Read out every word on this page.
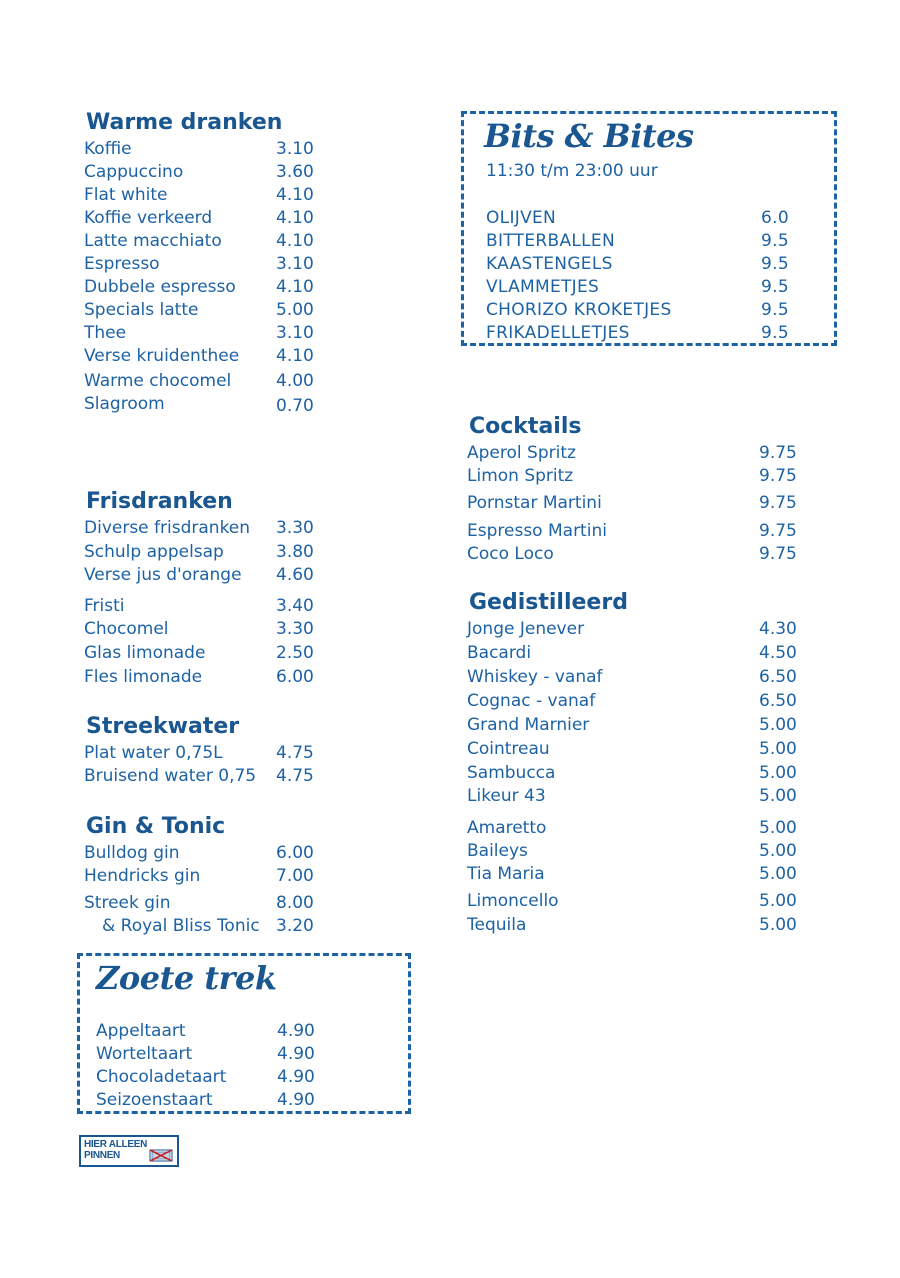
Warme dranken
Koffie	3.10
Cappuccino	3.60
Flat white	4.10
Koffie verkeerd	4.10
Latte macchiato	4.10
Espresso	3.10
Dubbele espresso 4.10
Specials latte	5.00
Thee	3.10
Verse kruidenthee 4.10
Warme chocomel	4.00
Slagroom	0.70
Frisdranken
Diverse frisdranken 3.30
Schulp appelsap	3.80
Verse jus d'orange 4.60
Fristi	3.40
Chocomel	3.30
Glas limonade	2.50
Fles limonade	6.00
Streekwater
Plat water 0,75L	4.75
Bruisend water 0,75 4.75
Gin & Tonic
Bulldog gin	6.00
Hendricks gin	7.00
Streek gin	8.00
& Royal Bliss Tonic 3.20
Zoete trek
Appeltaart	4.90
Worteltaart	4.90
Chocoladetaart	4.90
Seizoenstaart	4.90
HIER ALLEEN
PINNEN
Bits & Bites
11:30 t/m 23:00 uur
OLIJVEN	6.0
BITTERBALLEN	9.5
KAASTENGELS	9.5
VLAMMETJES	9.5
CHORIZO KROKETJES	9.5
FRIKADELLETJES	9.5
Cocktails
Aperol Spritz	9.75
Limon Spritz	9.75
Pornstar Martini	9.75
Espresso Martini	9.75
Coco Loco	9.75
Gedistilleerd
Jonge Jenever	4.30
Bacardi	4.50
Whiskey - vanaf	6.50
Cognac - vanaf	6.50
Grand Marnier	5.00
Cointreau	5.00
Sambucca	5.00
Likeur 43	5.00
Amaretto	5.00
Baileys	5.00
Tia Maria	5.00
Limoncello	5.00
Tequila	5.00
